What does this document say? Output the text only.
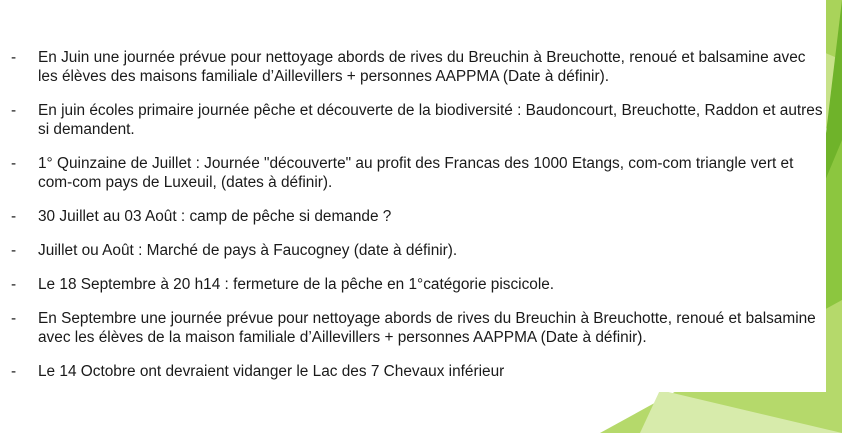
- En Juin une journée prévue pour nettoyage abords de rives du Breuchin à Breuchotte, renoué et balsamine avec les élèves des maisons familiale d’Aillevillers + personnes AAPPMA (Date à définir).
- En juin écoles primaire journée pêche et découverte de la biodiversité : Baudoncourt, Breuchotte, Raddon et autres si demandent.
- 1° Quinzaine de Juillet : Journée "découverte" au profit des Francas des 1000 Etangs, com-com triangle vert et com-com pays de Luxeuil, (dates à définir).
- 30 Juillet au 03 Août : camp de pêche si demande ?
- Juillet ou Août : Marché de pays à Faucogney (date à définir).
- Le 18 Septembre à 20 h14 : fermeture de la pêche en 1°catégorie piscicole.
- En Septembre une journée prévue pour nettoyage abords de rives du Breuchin à Breuchotte, renoué et balsamine avec les élèves de la maison familiale d’Aillevillers + personnes AAPPMA (Date à définir).
- Le 14 Octobre ont devraient vidanger le Lac des 7 Chevaux inférieur
